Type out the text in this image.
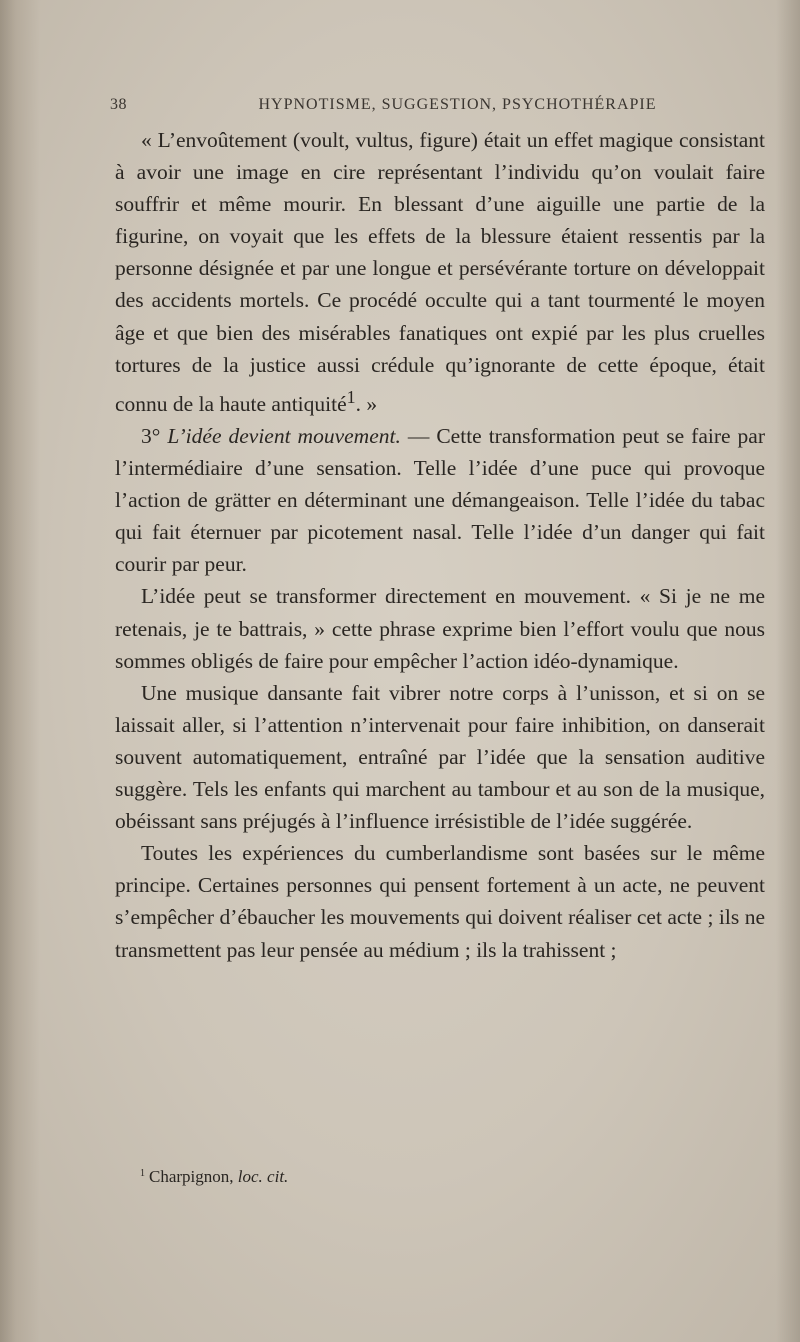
38	HYPNOTISME, SUGGESTION, PSYCHOTHÉRAPIE

« L’envoûtement (voult, vultus, figure) était un effet magique consistant à avoir une image en cire représentant l’individu qu’on voulait faire souffrir et même mourir. En blessant d’une aiguille une partie de la figurine, on voyait que les effets de la blessure étaient ressentis par la personne désignée et par une longue et persévérante torture on développait des accidents mortels. Ce procédé occulte qui a tant tourmenté le moyen âge et que bien des misérables fanatiques ont expié par les plus cruelles tortures de la justice aussi crédule qu’ignorante de cette époque, était connu de la haute antiquité$^1$. »

3° L’idée devient mouvement. — Cette transformation peut se faire par l’intermédiaire d’une sensation. Telle l’idée d’une puce qui provoque l’action de grätter en déterminant une démangeaison. Telle l’idée du tabac qui fait éternuer par picotement nasal. Telle l’idée d’un danger qui fait courir par peur.

L’idée peut se transformer directement en mouvement. « Si je ne me retenais, je te battrais, » cette phrase exprime bien l’effort voulu que nous sommes obligés de faire pour empêcher l’action idéo-dynamique.

Une musique dansante fait vibrer notre corps à l’unisson, et si on se laissait aller, si l’attention n’intervenait pour faire inhibition, on danserait souvent automatiquement, entraîné par l’idée que la sensation auditive suggère. Tels les enfants qui marchent au tambour et au son de la musique, obéissant sans préjugés à l’influence irrésistible de l’idée suggérée.

Toutes les expériences du cumberlandisme sont basées sur le même principe. Certaines personnes qui pensent fortement à un acte, ne peuvent s’empêcher d’ébaucher les mouvements qui doivent réaliser cet acte ; ils ne transmettent pas leur pensée au médium ; ils la trahissent ;

$^1$ Charpignon, loc. cit.
